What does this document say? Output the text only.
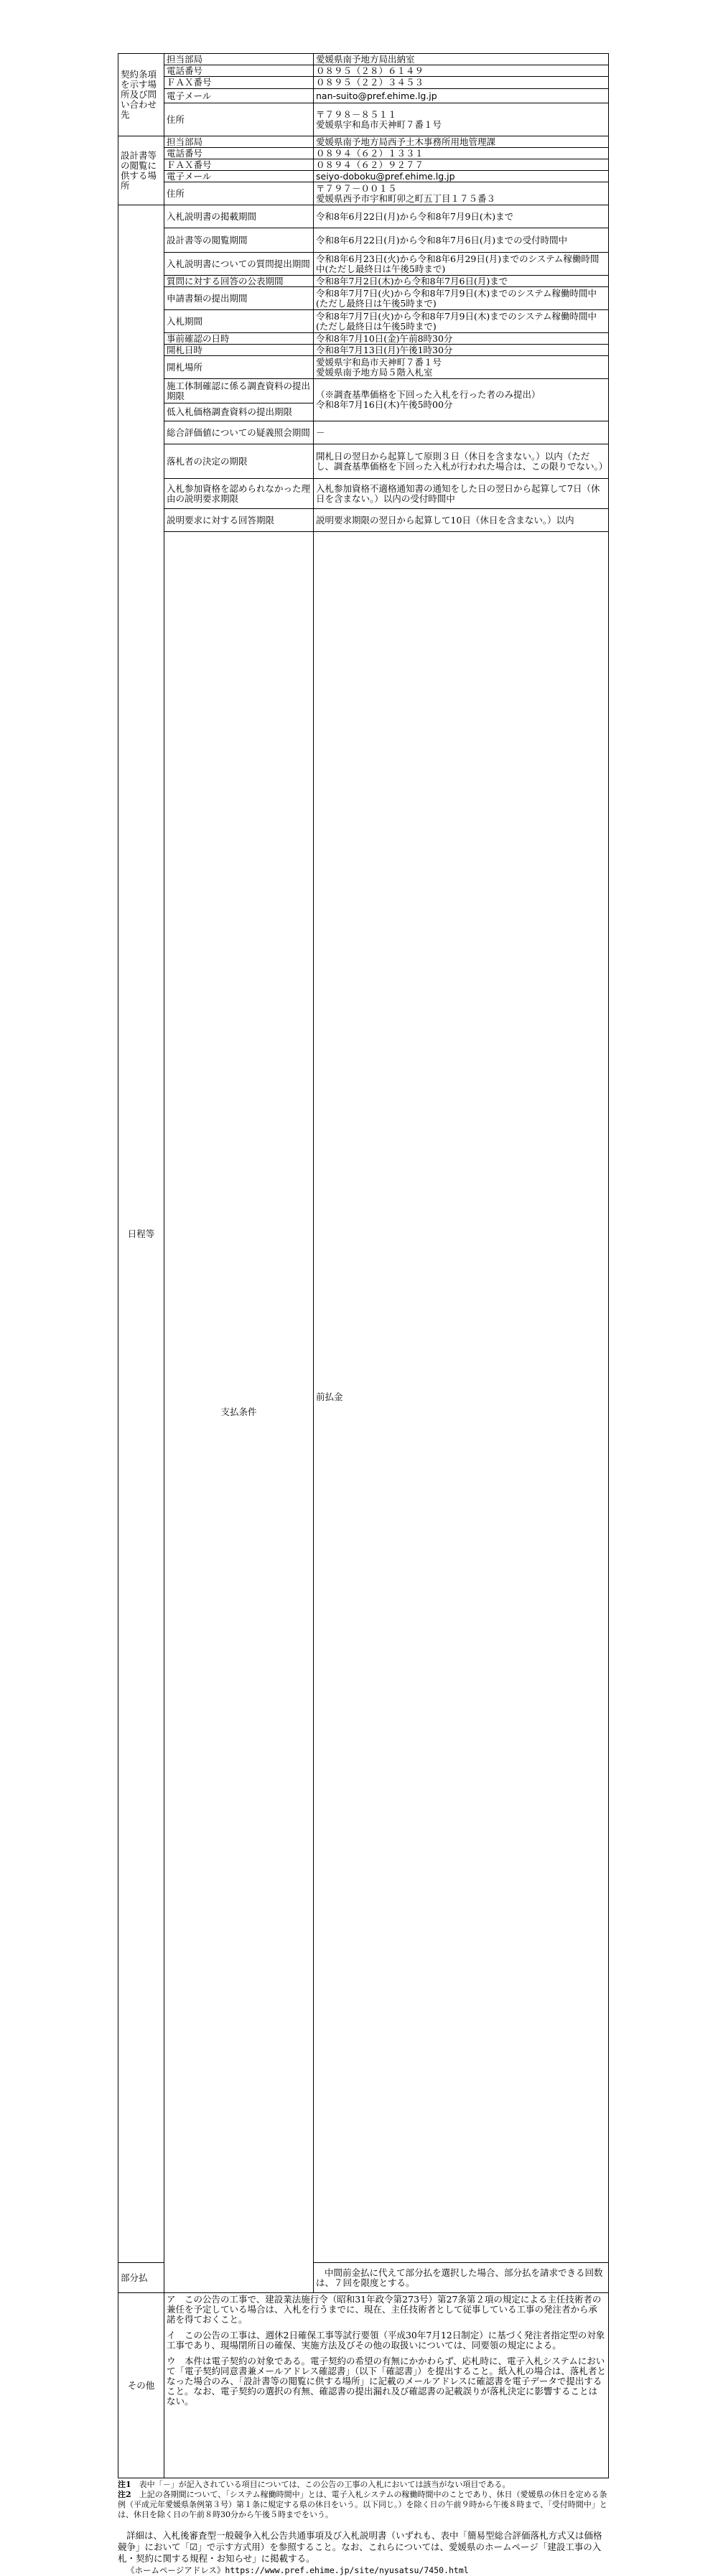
契約条項を示す場所及び問い合わせ先	担当部局	愛媛県南予地方局出納室	
	電話番号	０８９５（２８）６１４９	
	ＦＡＸ番号	０８９５（２２）３４５３	
	電子メール	nan-suito@pref.ehime.lg.jp	
	住所	〒７９８－８５１１
愛媛県宇和島市天神町７番１号	

設計書等の閲覧に供する場所	担当部局	愛媛県南予地方局西予土木事務所用地管理課	
	電話番号	０８９４（６２）１３３１	
	ＦＡＸ番号	０８９４（６２）９２７７	
	電子メール	seiyo-doboku@pref.ehime.lg.jp	
	住所	〒７９７－００１５
愛媛県西予市宇和町卯之町五丁目１７５番３	

日程等	入札説明書の掲載期間	令和8年6月22日(月)から令和8年7月9日(木)まで	
	設計書等の閲覧期間	令和8年6月22日(月)から令和8年7月6日(月)までの受付時間中	
	入札説明書についての質問提出期間	令和8年6月23日(火)から令和8年6月29日(月)までのシステム稼働時間中(ただし最終日は午後5時まで)	
	質問に対する回答の公表期間	令和8年7月2日(木)から令和8年7月6日(月)まで	
	申請書類の提出期間	令和8年7月7日(火)から令和8年7月9日(木)までのシステム稼働時間中(ただし最終日は午後5時まで)	
	入札期間	令和8年7月7日(火)から令和8年7月9日(木)までのシステム稼働時間中(ただし最終日は午後5時まで)	
	事前確認の日時	令和8年7月10日(金)午前8時30分	
	開札日時	令和8年7月13日(月)午後1時30分	
	開札場所	愛媛県宇和島市天神町７番１号
愛媛県南予地方局５階入札室	

	施工体制確認に係る調査資料の提出期限	（※調査基準価格を下回った入札を行った者のみ提出）
令和8年7月16日(木)午後5時00分	

	低入札価格調査資料の提出期限		
	総合評価値についての疑義照会期間	－	
	落札者の決定の期限	開札日の翌日から起算して原則３日（休日を含まない。）以内（ただし、調査基準価格を下回った入札が行われた場合は、この限りでない。）	
	入札参加資格を認められなかった理由の説明要求期限	入札参加資格不適格通知書の通知をした日の翌日から起算して7日（休日を含まない。）以内の受付時間中	
	説明要求に対する回答期限	説明要求期限の翌日から起算して10日（休日を含まない。）以内	
	支払条件	前払金	

部分払		中間前金払に代えて部分払を選択した場合、部分払を請求できる回数は、７回を限度とする。	
その他	ア　この公告の工事で、建設業法施行令（昭和31年政令第273号）第27条第２項の規定による主任技術者の兼任を予定している場合は、入札を行うまでに、現在、主任技術者として従事している工事の発注者から承諾を得ておくこと。

イ　この公告の工事は、週休2日確保工事等試行要領（平成30年7月12日制定）に基づく発注者指定型の対象工事であり、現場閉所日の確保、実施方法及びその他の取扱いについては、同要領の規定による。

ウ　本件は電子契約の対象である。電子契約の希望の有無にかかわらず、応札時に、電子入札システムにおいて「電子契約同意書兼メールアドレス確認書」（以下「確認書」）を提出すること。紙入札の場合は、落札者となった場合のみ、「設計書等の閲覧に供する場所」に記載のメールアドレスに確認書を電子データで提出すること。なお、電子契約の選択の有無、確認書の提出漏れ及び確認書の記載誤りが落札決定に影響することはない。		

注1　 表中「－」が記入されている項目については、この公告の工事の入札においては該当がない項目である。
注2　 上記の各期間について、「システム稼働時間中」とは、電子入札システムの稼働時間中のことであり、休日（愛媛県の休日を定める条例（平成元年愛媛県条例第３号）第１条に規定する県の休日をいう。以下同じ。）を除く日の午前９時から午後８時まで、「受付時間中」とは、休日を除く日の午前８時30分から午後５時までをいう。

詳細は、入札後審査型一般競争入札公告共通事項及び入札説明書（いずれも、表中「簡易型総合評価落札方式又は価格競争」において「☑」で示す方式用）を参照すること。なお、これらについては、愛媛県のホームページ「建設工事の入札・契約に関する規程・お知らせ」に掲載する。

《ホームページアドレス》https://www.pref.ehime.jp/site/nyusatsu/7450.html
